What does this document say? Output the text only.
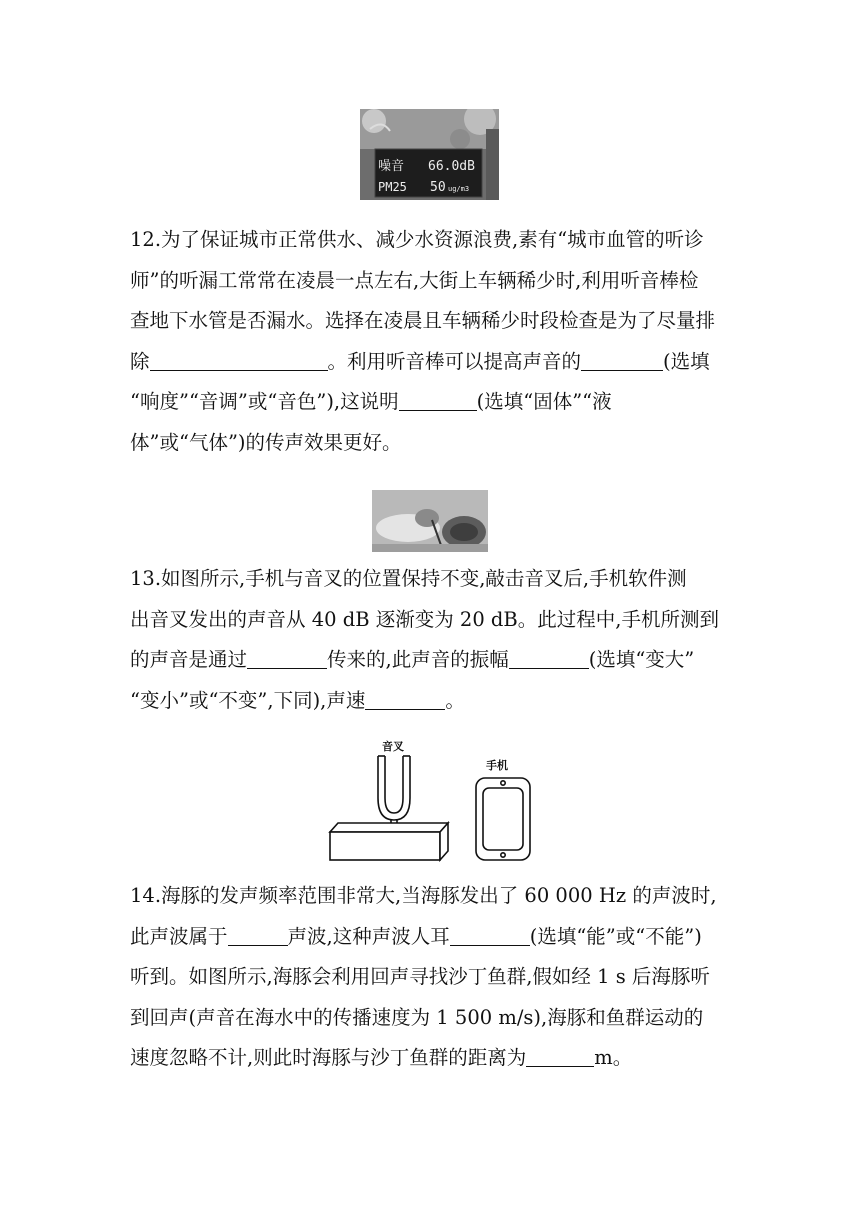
噪音 66.0dB
PM25 50 ug/m3
12.为了保证城市正常供水、减少水资源浪费,素有“城市血管的听诊
师”的听漏工常常在凌晨一点左右,大街上车辆稀少时,利用听音棒检
查地下水管是否漏水。选择在凌晨且车辆稀少时段检查是为了尽量排
除	。利用听音棒可以提高声音的	(选填
“响度”“音调”或“音色”),这说明	(选填“固体”“液
体”或“气体”)的传声效果更好。
13.如图所示,手机与音叉的位置保持不变,敲击音叉后,手机软件测
出音叉发出的声音从 40 dB 逐渐变为 20 dB。此过程中,手机所测到
的声音是通过	传来的,此声音的振幅	(选填“变大”
“变小”或“不变”,下同),声速	。
音叉
手机
14.海豚的发声频率范围非常大,当海豚发出了 60 000 Hz 的声波时,
此声波属于	声波,这种声波人耳	(选填“能”或“不能”)
听到。如图所示,海豚会利用回声寻找沙丁鱼群,假如经 1 s 后海豚听
到回声(声音在海水中的传播速度为 1 500 m/s),海豚和鱼群运动的
速度忽略不计,则此时海豚与沙丁鱼群的距离为	m。
